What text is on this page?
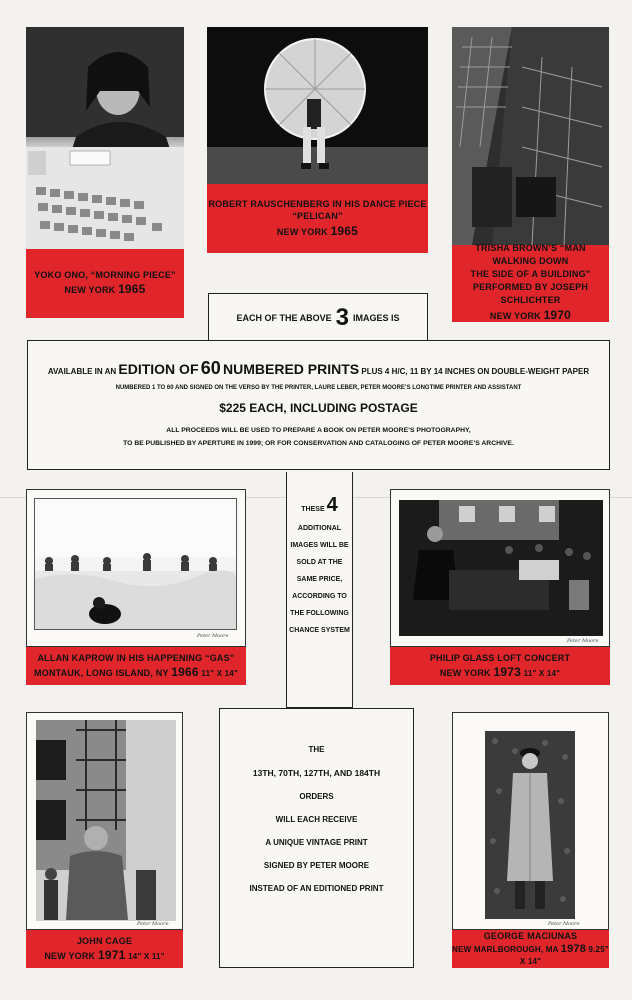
YOKO ONO, “MORNING PIECE”
NEW YORK 1965
ROBERT RAUSCHENBERG IN HIS DANCE PIECE “PELICAN”
NEW YORK 1965
TRISHA BROWN’S “MAN WALKING DOWN
THE SIDE OF A BUILDING”
PERFORMED BY JOSEPH SCHLICHTER
NEW YORK 1970
EACH OF THE ABOVE 3 IMAGES IS
AVAILABLE IN AN EDITION OF 60 NUMBERED PRINTS PLUS 4 H/C, 11 BY 14 INCHES ON DOUBLE-WEIGHT PAPER
NUMBERED 1 TO 60 AND SIGNED ON THE VERSO BY THE PRINTER, LAURE LEBER, PETER MOORE’S LONGTIME PRINTER AND ASSISTANT
$225 EACH, INCLUDING POSTAGE
ALL PROCEEDS WILL BE USED TO PREPARE A BOOK ON PETER MOORE’S PHOTOGRAPHY,
TO BE PUBLISHED BY APERTURE IN 1999; OR FOR CONSERVATION AND CATALOGING OF PETER MOORE’S ARCHIVE.
Peter Moore
ALLAN KAPROW IN HIS HAPPENING “GAS”
MONTAUK, LONG ISLAND, NY 1966 11" X 14"
THESE 4
ADDITIONAL
IMAGES WILL BE
SOLD AT THE
SAME PRICE,
ACCORDING TO
THE FOLLOWING
CHANCE SYSTEM
Peter Moore
PHILIP GLASS LOFT CONCERT
NEW YORK 1973 11" X 14"
Peter Moore
JOHN CAGE
NEW YORK 1971 14" X 11"
THE
13TH, 70TH, 127TH, AND 184TH
ORDERS
WILL EACH RECEIVE
A UNIQUE VINTAGE PRINT
SIGNED BY PETER MOORE
INSTEAD OF AN EDITIONED PRINT
Peter Moore
GEORGE MACIUNAS
NEW MARLBOROUGH, MA 1978 9.25" X 14"
